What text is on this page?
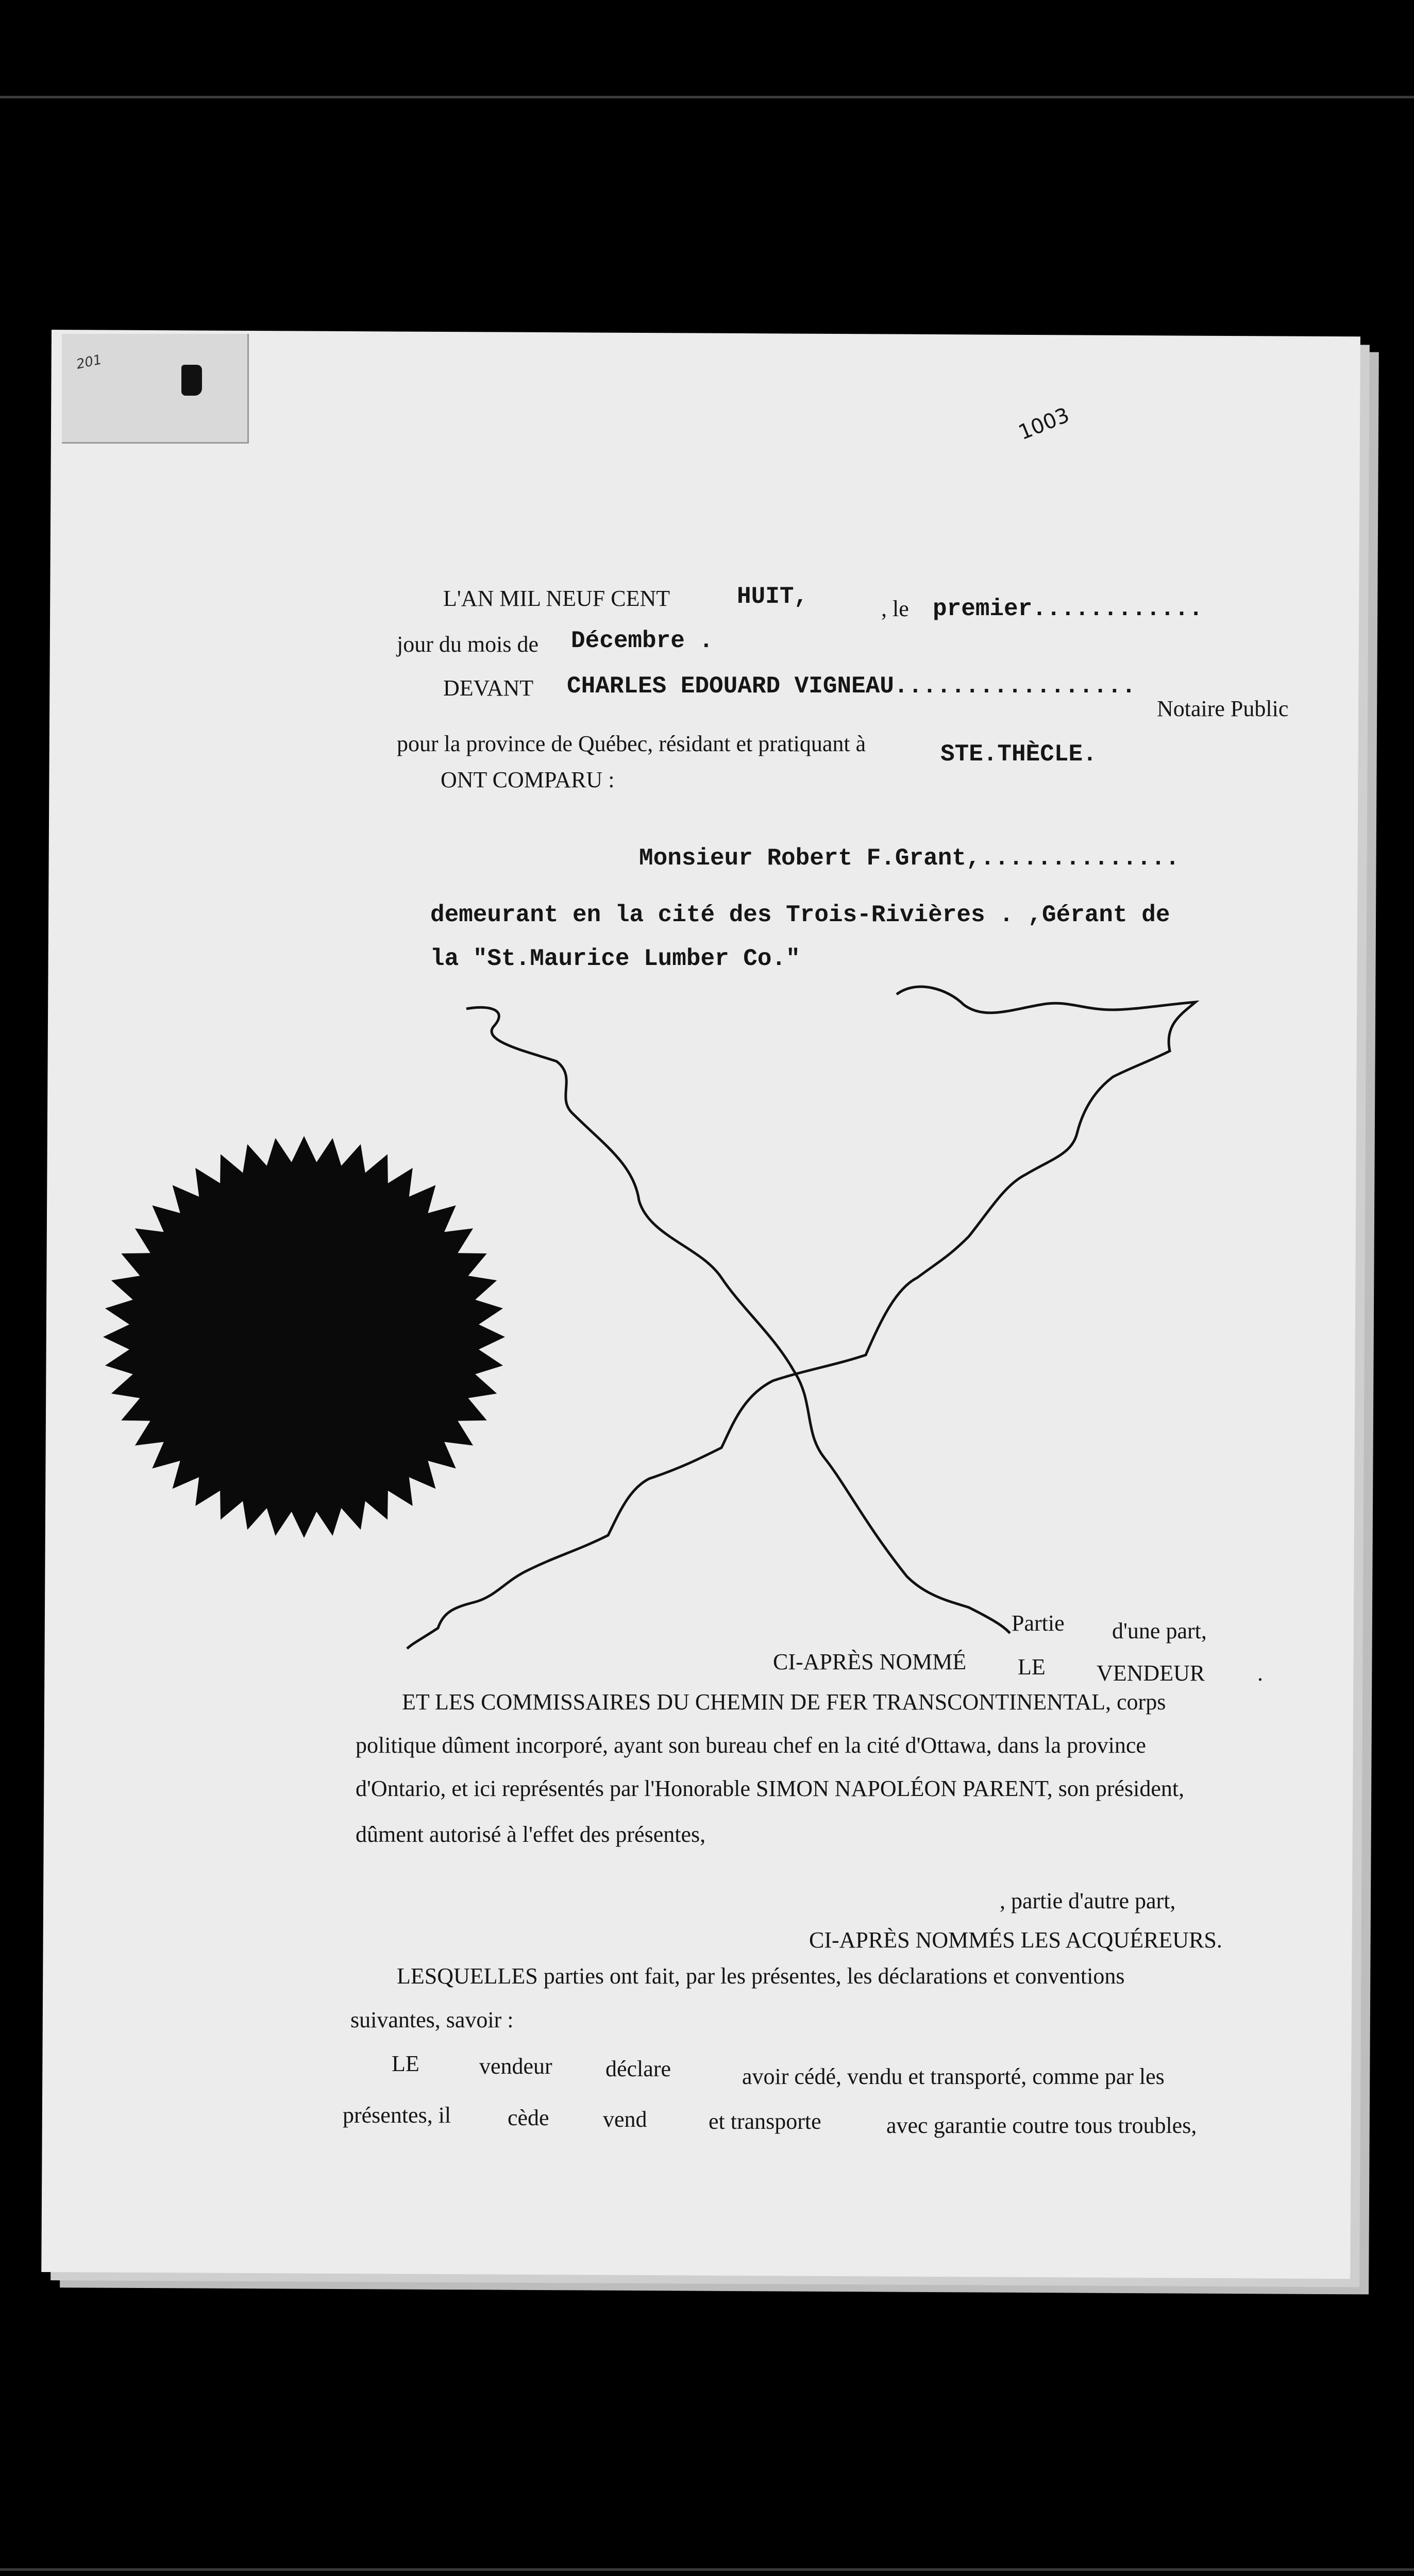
201
1003
L'AN MIL NEUF CENT	HUIT,	, le premier............
jour du mois de Décembre .
DEVANT CHARLES EDOUARD VIGNEAU.................
Notaire Public
pour la province de Québec, résidant et pratiquant à	STE.THÈCLE.
ONT COMPARU :
Monsieur Robert F.Grant,..............
demeurant en la cité des Trois-Rivières . ,Gérant de
la "St.Maurice Lumber Co."
Partie d'une part,
CI-APRÈS NOMMÉ LE VENDEUR .
ET LES COMMISSAIRES DU CHEMIN DE FER TRANSCONTINENTAL, corps
politique dûment incorporé, ayant son bureau chef en la cité d'Ottawa, dans la province
d'Ontario, et ici représentés par l'Honorable SIMON NAPOLÉON PARENT, son président,
dûment autorisé à l'effet des présentes,
, partie d'autre part,
CI-APRÈS NOMMÉS LES ACQUÉREURS.
LESQUELLES parties ont fait, par les présentes, les déclarations et conventions
suivantes, savoir :
LE	vendeur déclare	avoir cédé, vendu et transporté, comme par les
présentes, il cède vend	et transporte	avec garantie coutre tous troubles,
